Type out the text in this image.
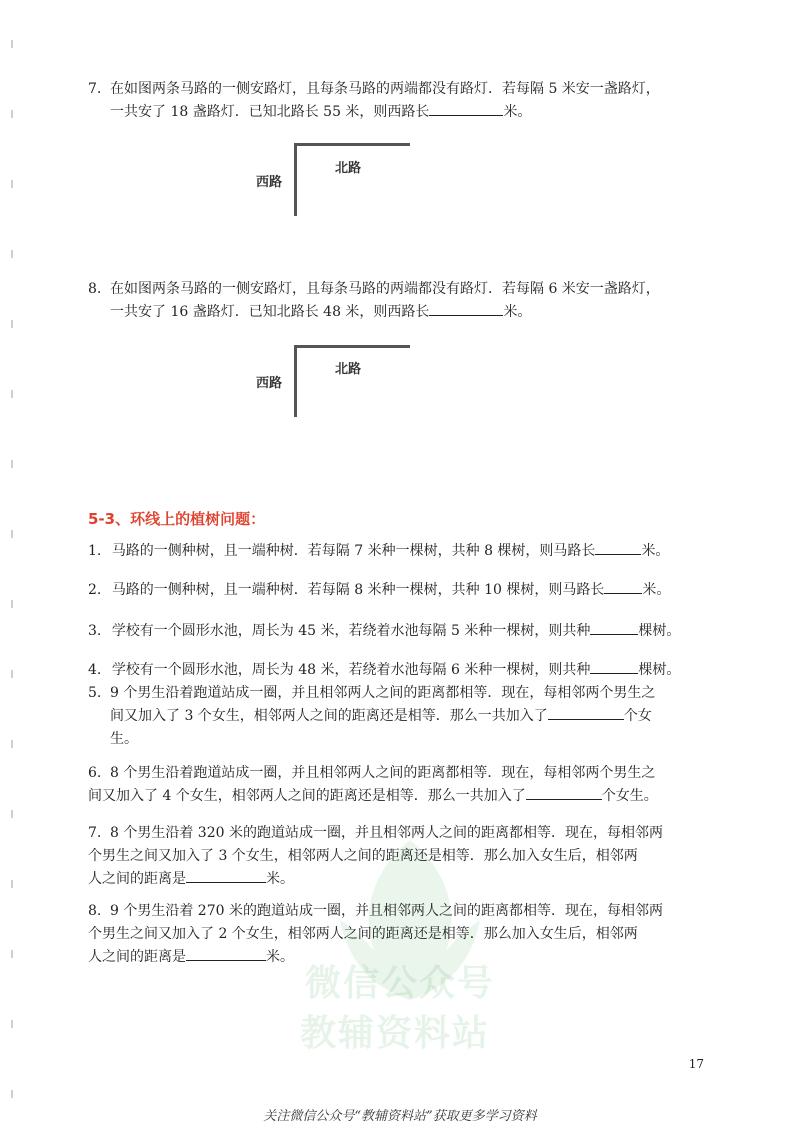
微信公众号
教辅资料站
7. 在如图两条马路的一侧安路灯，且每条马路的两端都没有路灯．若每隔 5 米安一盏路灯，
一共安了 18 盏路灯．已知北路长 55 米，则西路长	米。
西路
北路
8. 在如图两条马路的一侧安路灯，且每条马路的两端都没有路灯．若每隔 6 米安一盏路灯，
一共安了 16 盏路灯．已知北路长 48 米，则西路长	米。
西路
北路
5-3、环线上的植树问题：
1. 马路的一侧种树，且一端种树．若每隔 7 米种一棵树，共种 8 棵树，则马路长	米。
2. 马路的一侧种树，且一端种树．若每隔 8 米种一棵树，共种 10 棵树，则马路长	米。
3. 学校有一个圆形水池，周长为 45 米，若绕着水池每隔 5 米种一棵树，则共种	棵树。
4. 学校有一个圆形水池，周长为 48 米，若绕着水池每隔 6 米种一棵树，则共种	棵树。
5. 9 个男生沿着跑道站成一圈，并且相邻两人之间的距离都相等．现在，每相邻两个男生之
间又加入了 3 个女生，相邻两人之间的距离还是相等．那么一共加入了	个女
生。
6. 8 个男生沿着跑道站成一圈，并且相邻两人之间的距离都相等．现在，每相邻两个男生之
间又加入了 4 个女生，相邻两人之间的距离还是相等．那么一共加入了	个女生。
7. 8 个男生沿着 320 米的跑道站成一圈，并且相邻两人之间的距离都相等．现在，每相邻两
个男生之间又加入了 3 个女生，相邻两人之间的距离还是相等．那么加入女生后，相邻两
人之间的距离是	米。
8. 9 个男生沿着 270 米的跑道站成一圈，并且相邻两人之间的距离都相等．现在，每相邻两
个男生之间又加入了 2 个女生，相邻两人之间的距离还是相等．那么加入女生后，相邻两
人之间的距离是	米。
17
关注微信公众号“教辅资料站”获取更多学习资料
